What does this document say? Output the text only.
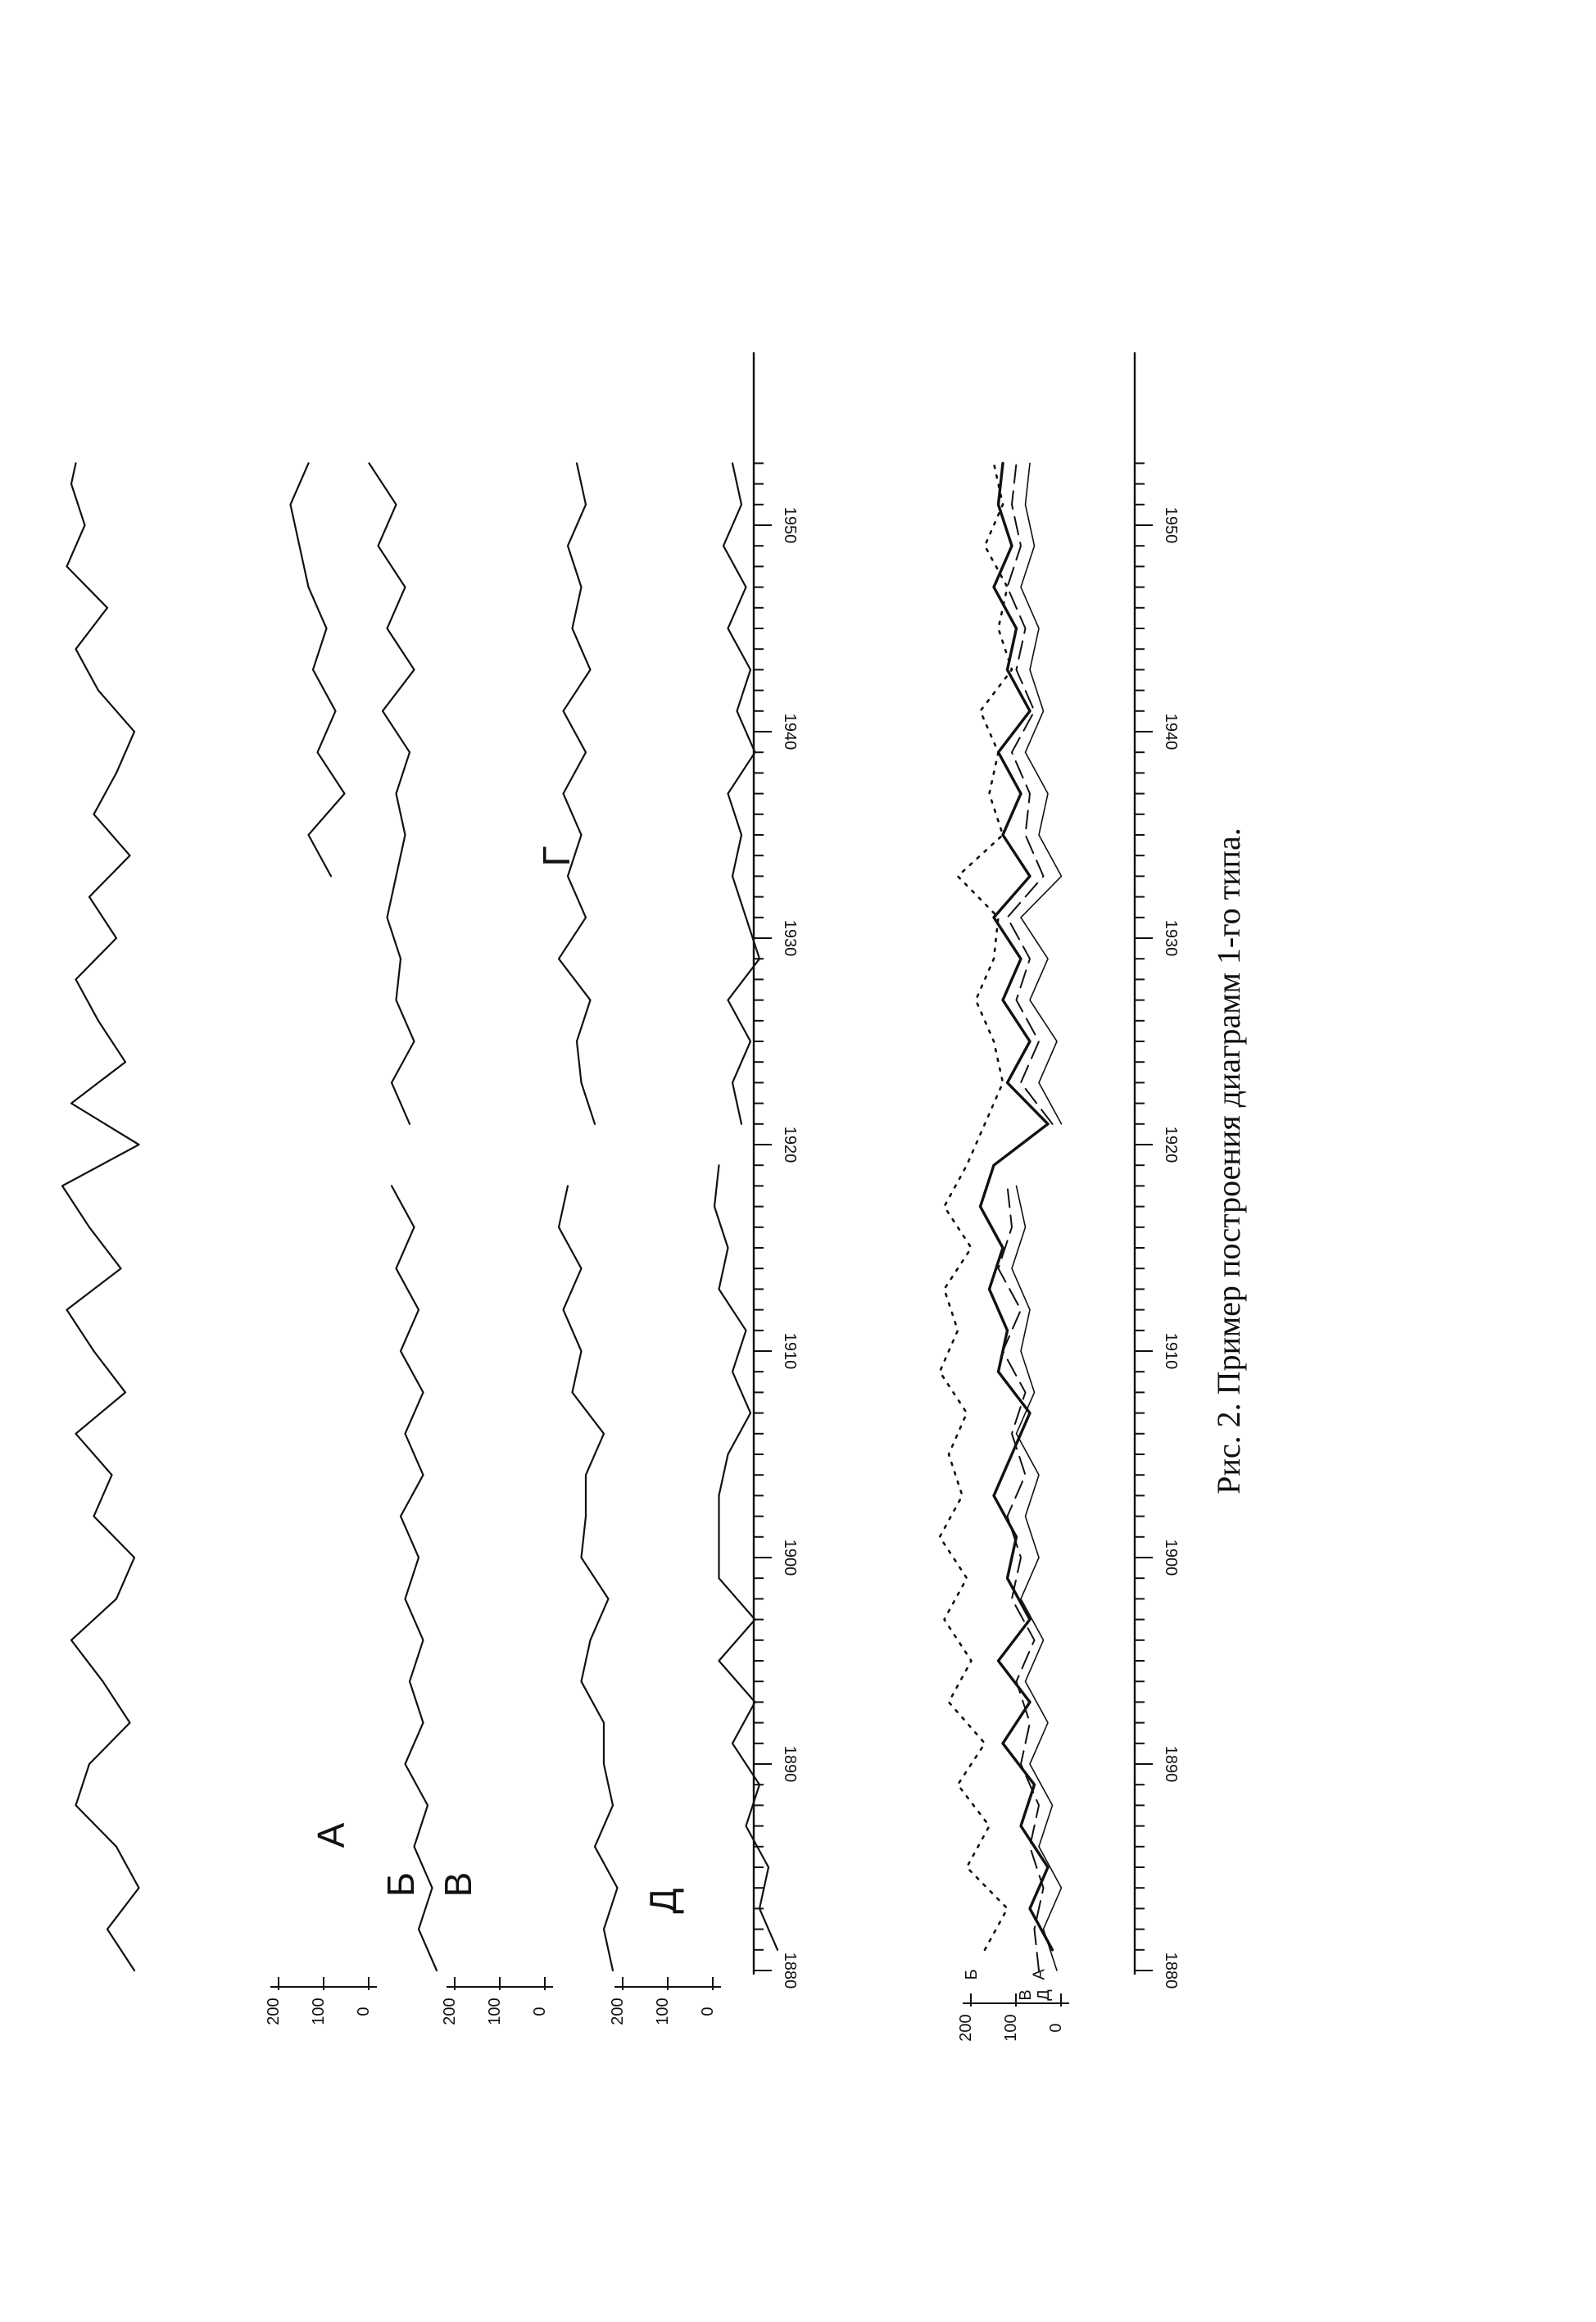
1880
1890
1900
1910
1920
1930
1940
1950
0
100
200	0
100
200	0
100
200
А
Б В
Г
Д
1880
1890
1900
1910
1920
1930
1940
1950
0
100
200
Б	А
В Д
Рис. 2. Пример построения диаграмм 1-го типа.
